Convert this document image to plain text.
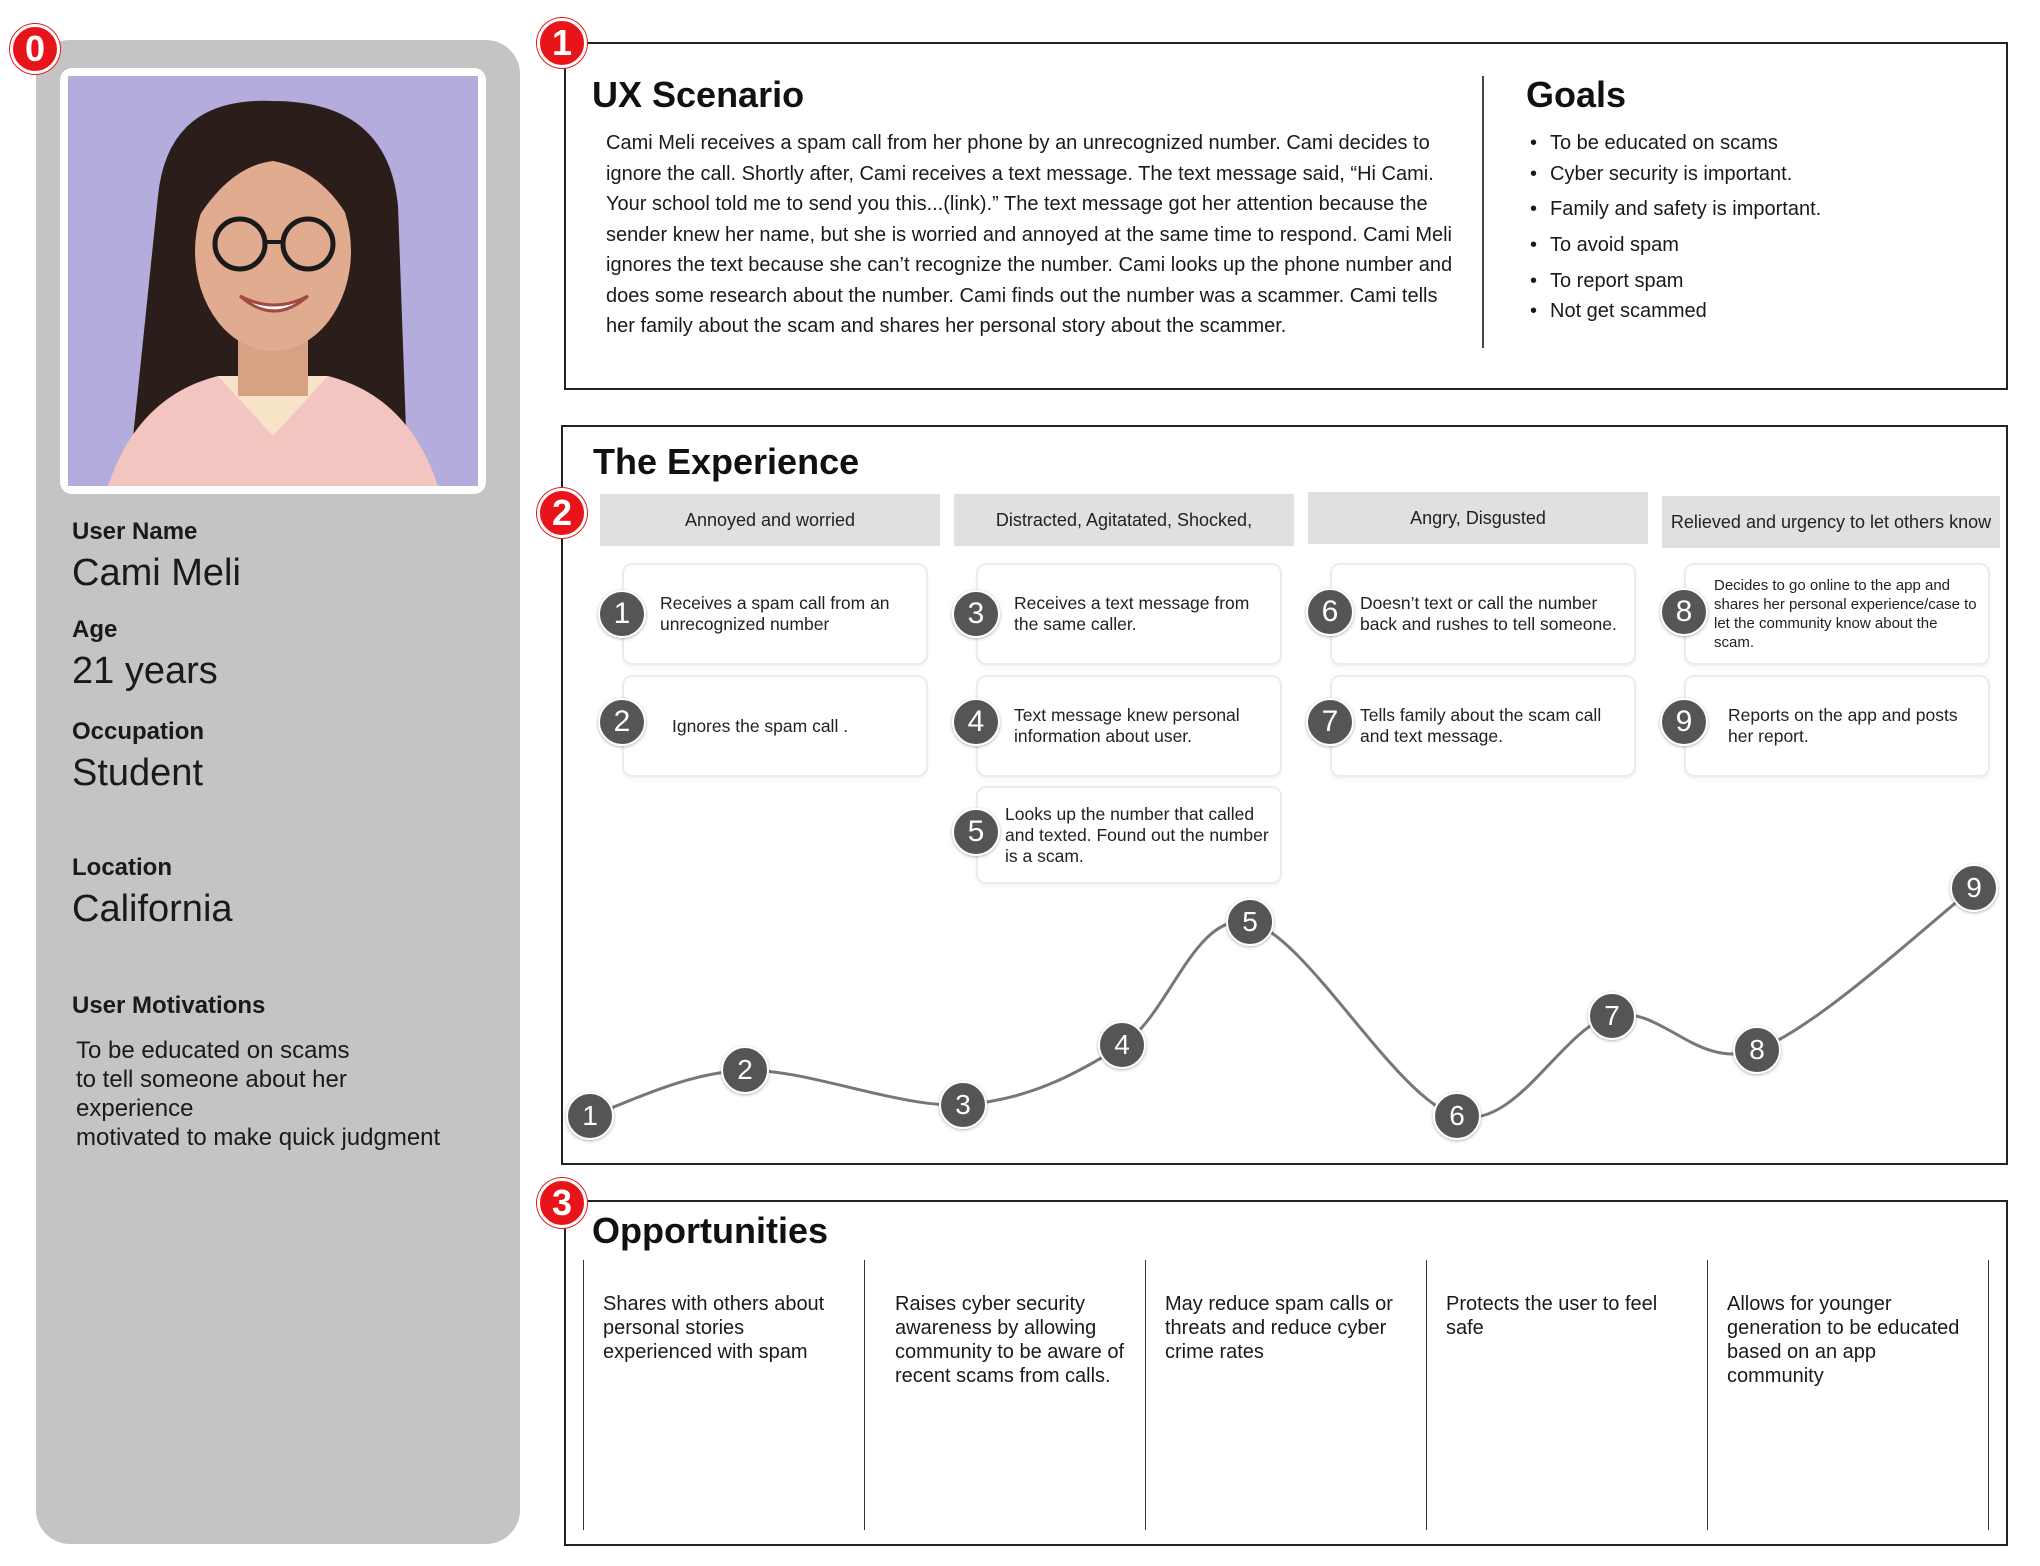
0	1
2
3
User Name
Cami Meli
Age
21 years
Occupation
Student
Location
California
User Motivations
To be educated on scams
to tell someone about her
experience
motivated to make quick judgment
UX Scenario
Cami Meli receives a spam call from her phone by an unrecognized number. Cami decides to ignore the call. Shortly after, Cami receives a text message. The text message said, “Hi Cami. Your school told me to send you this...(link).” The text message got her attention because the sender knew her name, but she is worried and annoyed at the same time to respond. Cami Meli ignores the text because she can’t recognize the number. Cami looks up the phone number and does some research about the number. Cami finds out the number was a scammer. Cami tells her family about the scam and shares her personal story about the scammer.
Goals
• To be educated on scams
• Cyber security is important.
• Family and safety is important.
• To avoid spam
• To report spam
• Not get scammed
The Experience
Annoyed and worried	Distracted, Agitatated, Shocked,	Angry, Disgusted	Relieved and urgency to let others know
Receives a spam call from an unrecognized number
Ignores the spam call .
Receives a text message from the same caller.
Text message knew personal information about user.
Looks up the number that called and texted. Found out the number is a scam.
Doesn’t text or call the number back and rushes to tell someone.
Tells family about the scam call and text message.
Decides to go online to the app and shares her personal experience/case to let the community know about the scam.
Reports on the app and posts her report.
1
2
3
4
5
6
7
8
9
1
2
3
4
5
6
7
8
9
Opportunities
Shares with others about personal stories experienced with spam
Raises cyber security awareness by allowing community to be aware of recent scams from calls.
May reduce spam calls or threats and reduce cyber crime rates
Protects the user to feel safe
Allows for younger generation to be educated based on an app community
